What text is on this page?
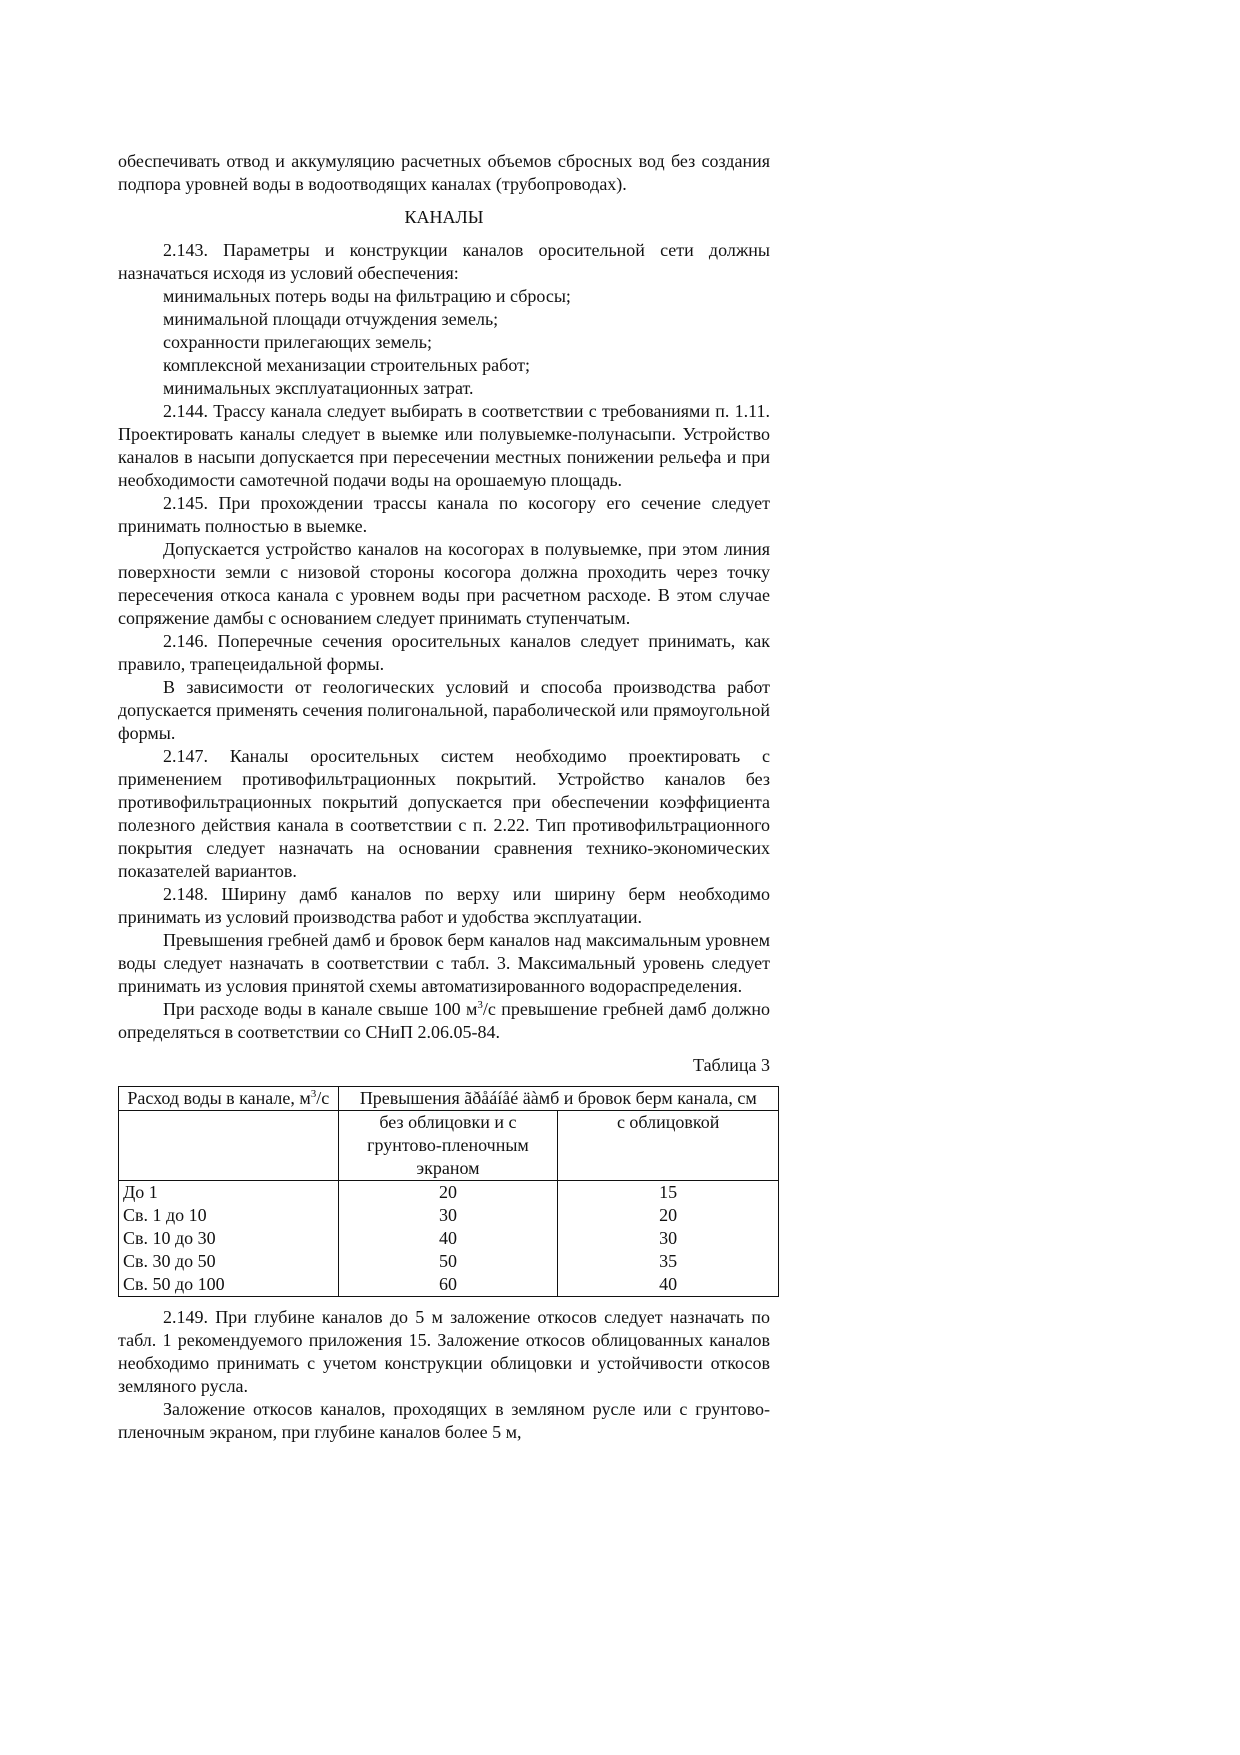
обеспечивать отвод и аккумуляцию расчетных объемов сбросных вод без создания подпора уровней воды в водоотводящих каналах (трубопроводах).

КАНАЛЫ

2.143. Параметры и конструкции каналов оросительной сети должны назначаться исходя из условий обеспечения:

минимальных потерь воды на фильтрацию и сбросы;

минимальной площади отчуждения земель;

сохранности прилегающих земель;

комплексной механизации строительных работ;

минимальных эксплуатационных затрат.

2.144. Трассу канала следует выбирать в соответствии с требованиями п. 1.11. Проектировать каналы следует в выемке или полувыемке-полунасыпи. Устройство каналов в насыпи допускается при пересечении местных понижении рельефа и при необходимости самотечной подачи воды на орошаемую площадь.

2.145. При прохождении трассы канала по косогору его сечение следует принимать полностью в выемке.

Допускается устройство каналов на косогорах в полувыемке, при этом линия поверхности земли с низовой стороны косогора должна проходить через точку пересечения откоса канала с уровнем воды при расчетном расходе. В этом случае сопряжение дамбы с основанием следует принимать ступенчатым.

2.146. Поперечные сечения оросительных каналов следует принимать, как правило, трапецеидальной формы.

В зависимости от геологических условий и способа производства работ допускается применять сечения полигональной, параболической или прямоугольной формы.

2.147. Каналы оросительных систем необходимо проектировать с применением противофильтрационных покрытий. Устройство каналов без противофильтрационных покрытий допускается при обеспечении коэффициента полезного действия канала в соответствии с п. 2.22. Тип противофильтрационного покрытия следует назначать на основании сравнения технико-экономических показателей вариантов.

2.148. Ширину дамб каналов по верху или ширину берм необходимо принимать из условий производства работ и удобства эксплуатации.

Превышения гребней дамб и бровок берм каналов над максимальным уровнем воды следует назначать в соответствии с табл. 3. Максимальный уровень следует принимать из условия принятой схемы автоматизированного водораспределения.

При расходе воды в канале свыше 100 $м^3/с$ превышение гребней дамб должно определяться в соответствии со СНиП 2.06.05-84.

Таблица 3

Расход воды в канале, $м^3/с$	Превышения ãðåáíåé äàмб и бровок берм канала, см	
	без облицовки и с грунтово-пленочным экраном	с облицовкой
До 1	20	15
Св. 1 до 10	30	20
Св. 10 до 30	40	30
Св. 30 до 50	50	35
Св. 50 до 100	60	40

2.149. При глубине каналов до 5 м заложение откосов следует назначать по табл. 1 рекомендуемого приложения 15. Заложение откосов облицованных каналов необходимо принимать с учетом конструкции облицовки и устойчивости откосов земляного русла.

Заложение откосов каналов, проходящих в земляном русле или с грунтово-пленочным экраном, при глубине каналов более 5 м,
